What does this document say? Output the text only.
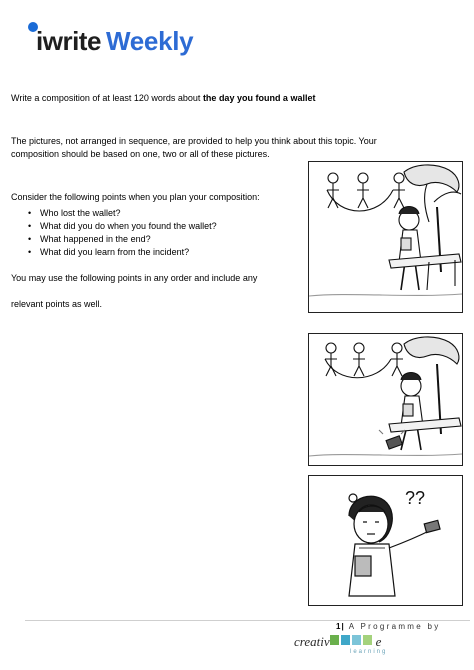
iwrite Weekly
Write a composition of at least 120 words about the day you found a wallet
The pictures, not arranged in sequence, are provided to help you think about this topic. Your
composition should be based on one, two or all of these pictures.
Consider the following points when you plan your composition:
• Who lost the wallet?
• What did you do when you found the wallet?
• What happened in the end?
• What did you learn from the incident?
You may use the following points in any order and include any
relevant points as well.
??
1| A Programme by
creativ	e
learning
